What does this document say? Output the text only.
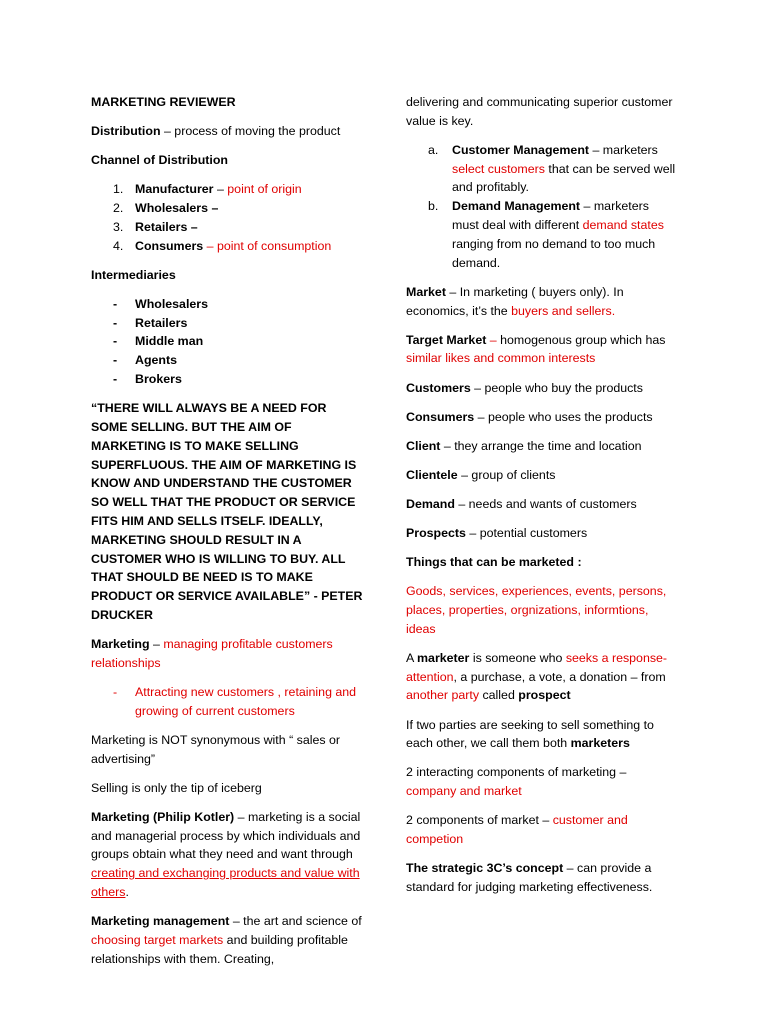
MARKETING REVIEWER
Distribution – process of moving the product
Channel of Distribution
1. Manufacturer – point of origin
2. Wholesalers –
3. Retailers –
4. Consumers – point of consumption
Intermediaries
- Wholesalers
- Retailers
- Middle man
- Agents
- Brokers
“THERE WILL ALWAYS BE A NEED FOR SOME SELLING. BUT THE AIM OF MARKETING IS TO MAKE SELLING SUPERFLUOUS. THE AIM OF MARKETING IS KNOW AND UNDERSTAND THE CUSTOMER SO WELL THAT THE PRODUCT OR SERVICE FITS HIM AND SELLS ITSELF. IDEALLY, MARKETING SHOULD RESULT IN A CUSTOMER WHO IS WILLING TO BUY. ALL THAT SHOULD BE NEED IS TO MAKE PRODUCT OR SERVICE AVAILABLE” - PETER DRUCKER
Marketing – managing profitable customers relationships
- Attracting new customers , retaining and growing of current customers
Marketing is NOT synonymous with “ sales or advertising”
Selling is only the tip of iceberg
Marketing (Philip Kotler) – marketing is a social and managerial process by which individuals and groups obtain what they need and want through creating and exchanging products and value with others.
Marketing management – the art and science of choosing target markets and building profitable relationships with them. Creating,
delivering and communicating superior customer value is key.
a. Customer Management – marketers select customers that can be served well and profitably.
b. Demand Management – marketers must deal with different demand states ranging from no demand to too much demand.
Market – In marketing ( buyers only). In economics, it’s the buyers and sellers.
Target Market – homogenous group which has similar likes and common interests
Customers – people who buy the products
Consumers – people who uses the products
Client – they arrange the time and location
Clientele – group of clients
Demand – needs and wants of customers
Prospects – potential customers
Things that can be marketed :
Goods, services, experiences, events, persons, places, properties, orgnizations, informtions, ideas
A marketer is someone who seeks a response- attention, a purchase, a vote, a donation – from another party called prospect
If two parties are seeking to sell something to each other, we call them both marketers
2 interacting components of marketing – company and market
2 components of market – customer and competion
The strategic 3C’s concept – can provide a standard for judging marketing effectiveness.
